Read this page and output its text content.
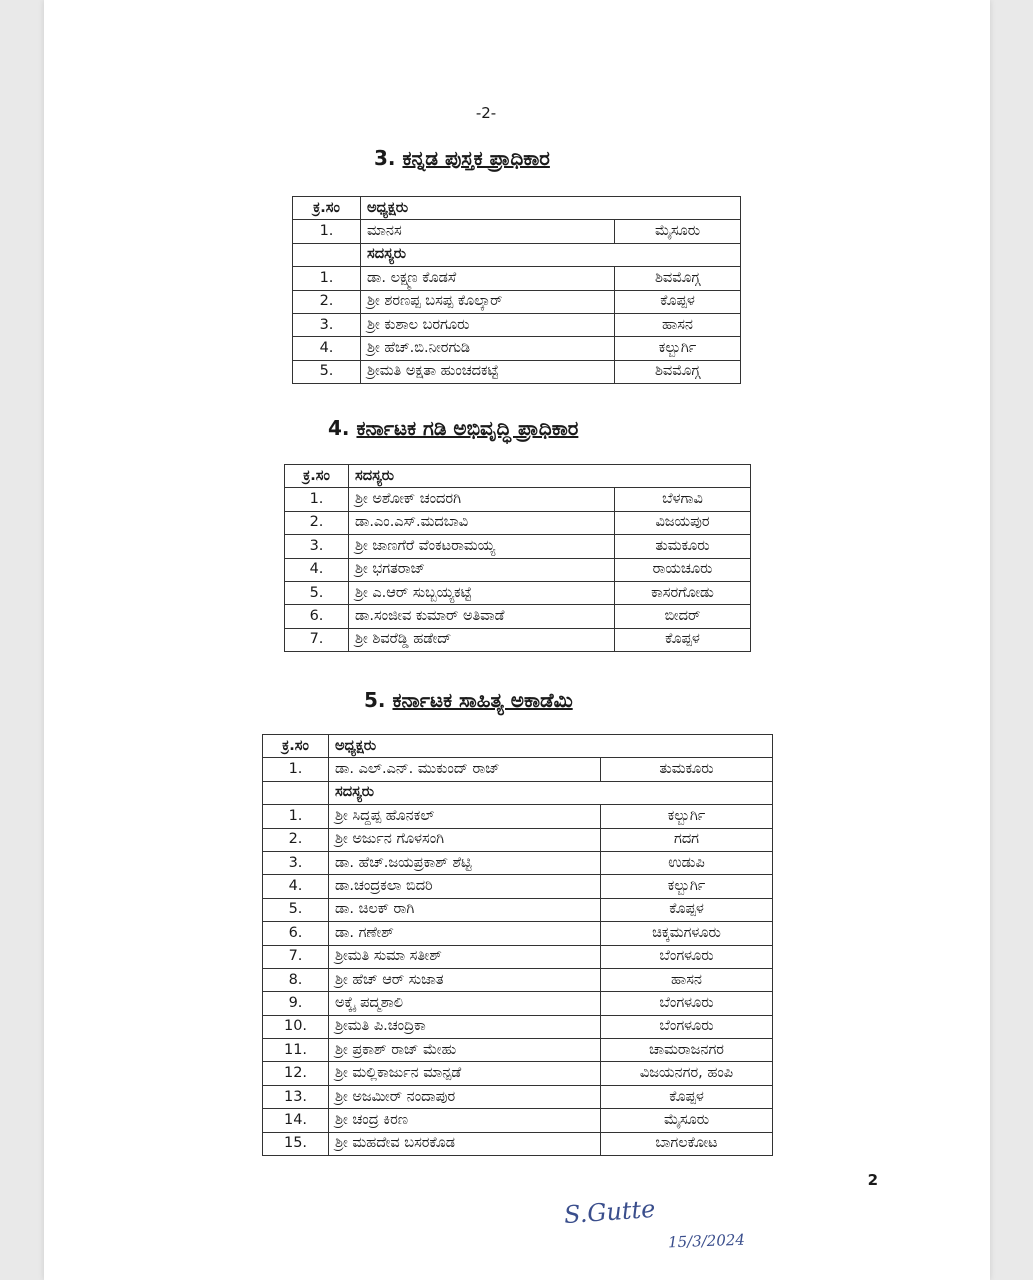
-2-
3. ಕನ್ನಡ ಪುಸ್ತಕ ಪ್ರಾಧಿಕಾರ
ಕ್ರ.ಸಂ	ಅಧ್ಯಕ್ಷರು	
1.	ಮಾನಸ	ಮೈಸೂರು
	ಸದಸ್ಯರು	
1.	ಡಾ. ಲಕ್ಷ್ಮಣ ಕೊಡಸೆ	ಶಿವಮೊಗ್ಗ
2.	ಶ್ರೀ ಶರಣಪ್ಪ ಬಸಪ್ಪ ಕೊಲ್ಕಾರ್	ಕೊಪ್ಪಳ
3.	ಶ್ರೀ ಕುಶಾಲ ಬರಗೂರು	ಹಾಸನ
4.	ಶ್ರೀ ಹೆಚ್.ಬಿ.ನೀರಗುಡಿ	ಕಲ್ಬುರ್ಗಿ
5.	ಶ್ರೀಮತಿ ಅಕ್ಷತಾ ಹುಂಚದಕಟ್ಟೆ	ಶಿವಮೊಗ್ಗ
4. ಕರ್ನಾಟಕ ಗಡಿ ಅಭಿವೃದ್ಧಿ ಪ್ರಾಧಿಕಾರ
ಕ್ರ.ಸಂ	ಸದಸ್ಯರು	
1.	ಶ್ರೀ ಅಶೋಕ್ ಚಂದರಗಿ	ಬೆಳಗಾವಿ
2.	ಡಾ.ಎಂ.ಎಸ್.ಮದಬಾವಿ	ವಿಜಯಪುರ
3.	ಶ್ರೀ ಜಾಣಗೆರೆ ವೆಂಕಟರಾಮಯ್ಯ	ತುಮಕೂರು
4.	ಶ್ರೀ ಭಗತರಾಜ್	ರಾಯಚೂರು
5.	ಶ್ರೀ ಎ.ಆರ್ ಸುಬ್ಬಯ್ಯಕಟ್ಟೆ	ಕಾಸರಗೋಡು
6.	ಡಾ.ಸಂಜೀವ ಕುಮಾರ್ ಅತಿವಾಡೆ	ಬೀದರ್
7.	ಶ್ರೀ ಶಿವರೆಡ್ಡಿ ಹಡೇದ್	ಕೊಪ್ಪಳ
5. ಕರ್ನಾಟಕ ಸಾಹಿತ್ಯ ಅಕಾಡೆಮಿ
ಕ್ರ.ಸಂ	ಅಧ್ಯಕ್ಷರು	
1.	ಡಾ. ಎಲ್.ಎನ್. ಮುಕುಂದ್ ರಾಜ್	ತುಮಕೂರು
	ಸದಸ್ಯರು	
1.	ಶ್ರೀ ಸಿದ್ದಪ್ಪ ಹೊನಕಲ್	ಕಲ್ಬುರ್ಗಿ
2.	ಶ್ರೀ ಅರ್ಜುನ ಗೊಳಸಂಗಿ	ಗದಗ
3.	ಡಾ. ಹೆಚ್.ಜಯಪ್ರಕಾಶ್ ಶೆಟ್ಟಿ	ಉಡುಪಿ
4.	ಡಾ.ಚಂದ್ರಕಲಾ ಬಿದರಿ	ಕಲ್ಬುರ್ಗಿ
5.	ಡಾ. ಚಿಲಕ್ ರಾಗಿ	ಕೊಪ್ಪಳ
6.	ಡಾ. ಗಣೇಶ್	ಚಿಕ್ಕಮಗಳೂರು
7.	ಶ್ರೀಮತಿ ಸುಮಾ ಸತೀಶ್	ಬೆಂಗಳೂರು
8.	ಶ್ರೀ ಹೆಚ್ ಆರ್ ಸುಜಾತ	ಹಾಸನ
9.	ಅಕ್ಕೈ ಪದ್ಮಶಾಲಿ	ಬೆಂಗಳೂರು
10.	ಶ್ರೀಮತಿ ಪಿ.ಚಂದ್ರಿಕಾ	ಬೆಂಗಳೂರು
11.	ಶ್ರೀ ಪ್ರಕಾಶ್ ರಾಜ್ ಮೇಹು	ಚಾಮರಾಜನಗರ
12.	ಶ್ರೀ ಮಲ್ಲಿಕಾರ್ಜುನ ಮಾನ್ಪಡೆ	ವಿಜಯನಗರ, ಹಂಪಿ
13.	ಶ್ರೀ ಅಜಮೀರ್ ನಂದಾಪುರ	ಕೊಪ್ಪಳ
14.	ಶ್ರೀ ಚಂದ್ರ ಕಿರಣ	ಮೈಸೂರು
15.	ಶ್ರೀ ಮಹದೇವ ಬಸರಕೊಡ	ಬಾಗಲಕೋಟ
2
S.Gutte
15/3/2024
